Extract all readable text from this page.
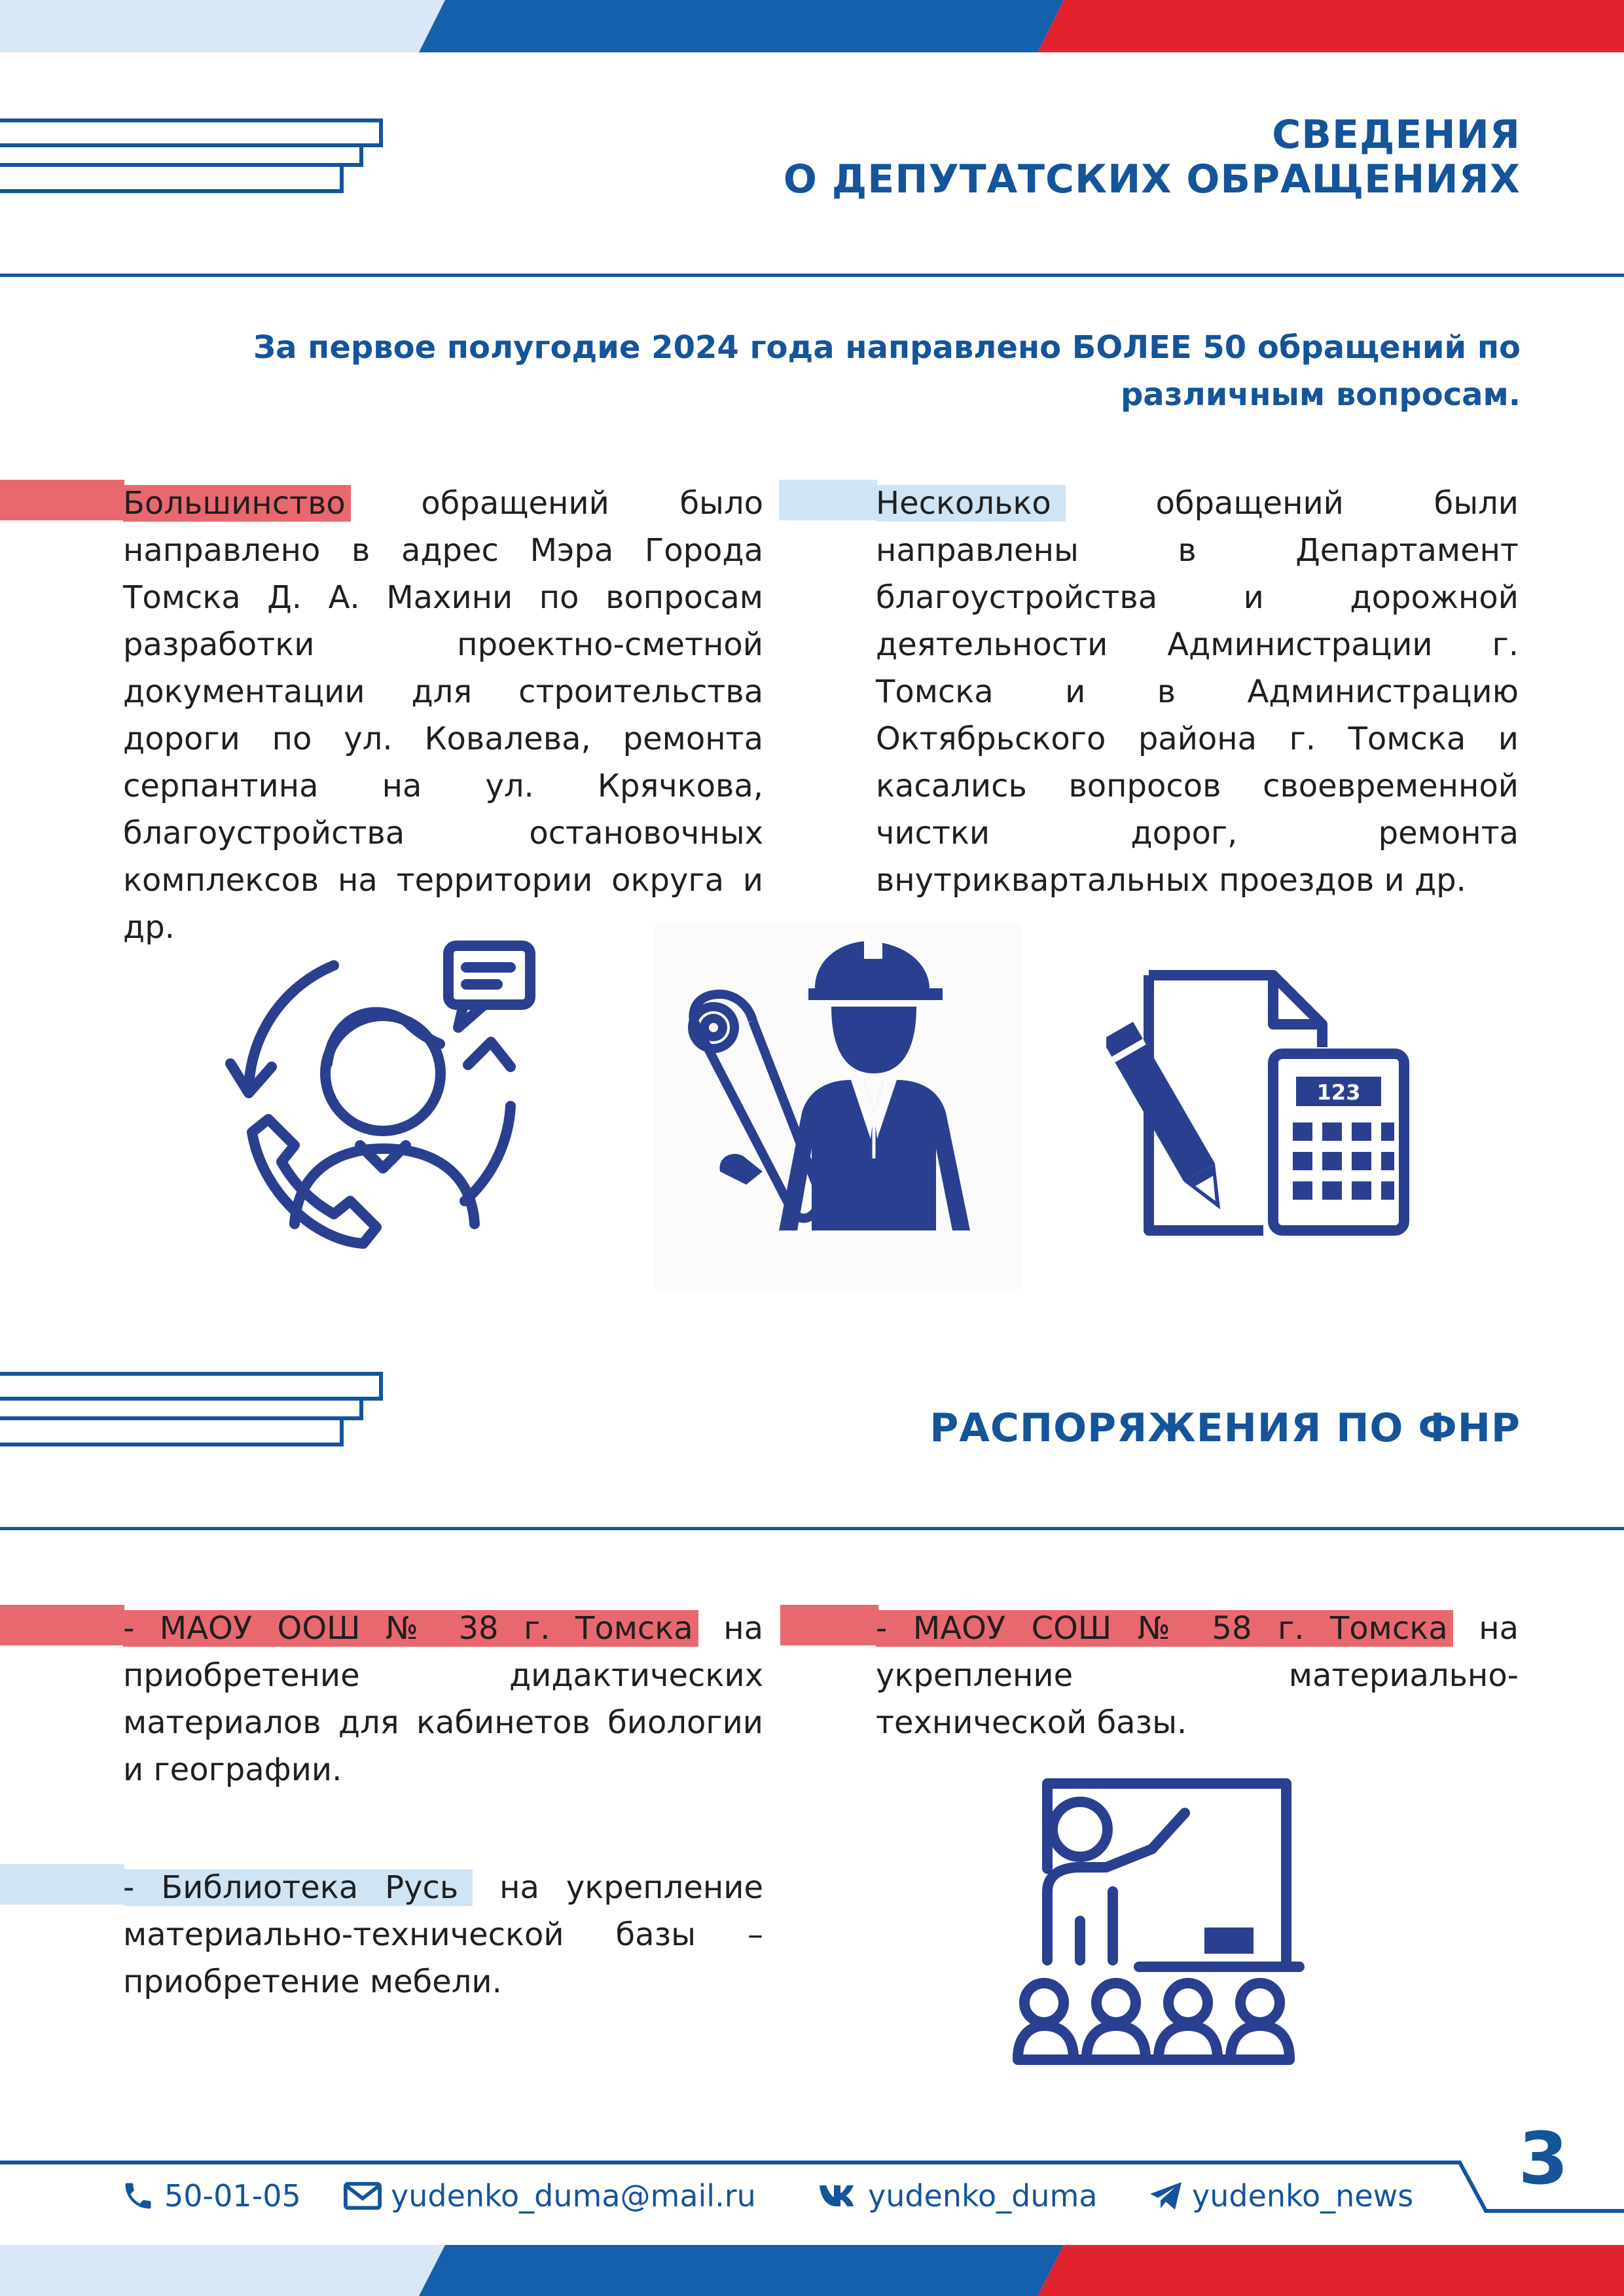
СВЕДЕНИЯ
О ДЕПУТАТСКИХ ОБРАЩЕНИЯХ
За первое полугодие 2024 года направлено БОЛЕЕ 50 обращений по различным вопросам.
Большинство обращений было направлено в адрес Мэра Города Томска Д. А. Махини по вопросам разработки проектно-сметной документации для строительства дороги по ул. Ковалева, ремонта серпантина на ул. Крячкова, благоустройства остановочных комплексов на территории округа и др.
Несколько обращений были направлены в Департамент благоустройства и дорожной деятельности Администрации г. Томска и в Администрацию Октябрьского района г. Томска и касались вопросов своевременной чистки дорог, ремонта внутриквартальных проездов и др.
123
РАСПОРЯЖЕНИЯ ПО ФНР
- МАОУ ООШ № 38 г. Томска на приобретение дидактических материалов для кабинетов биологии и географии.
- МАОУ СОШ № 58 г. Томска на укрепление материально-технической базы.
- Библиотека Русь на укрепление материально-технической базы – приобретение мебели.
3
50-01-05	yudenko_duma@mail.ru	yudenko_duma	yudenko_news
